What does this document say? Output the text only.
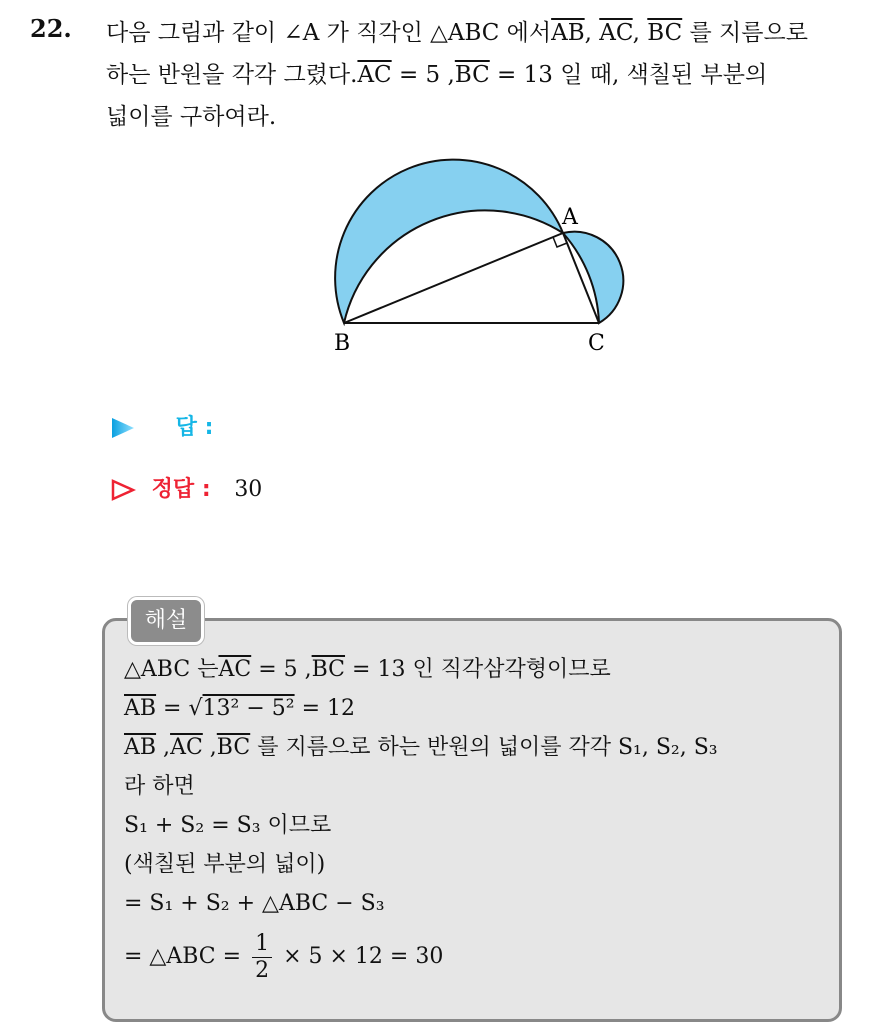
22. 다음 그림과 같이 ∠A 가 직각인 △ABC 에서$\overline{AB}$, $\overline{AC}$, $\overline{BC}$ 를 지름으로
하는 반원을 각각 그렸다$.\overline{AC} = 5$ $,\overline{BC} = 13$ 일 때, 색칠된 부분의
넓이를 구하여라.
A
B	C
답 :
정답 : 30
해설
△ABC 는$\overline{AC} = 5$ $,\overline{BC} = 13$ 인 직각삼각형이므로
$\overline{AB} = √13^2 - 5^2 = 12$
$\overline{AB}$ $,\overline{AC}$ $,\overline{BC}$ 를 지름으로 하는 반원의 넓이를 각각 S₁, S₂, S₃
라 하면
S₁ + S₂ = S₃ 이므로
(색칠된 부분의 넓이)
= S₁ + S₂ + △ABC − S₃
= △ABC = $\frac{1}{2} \times 5 \times 12 = 30$
